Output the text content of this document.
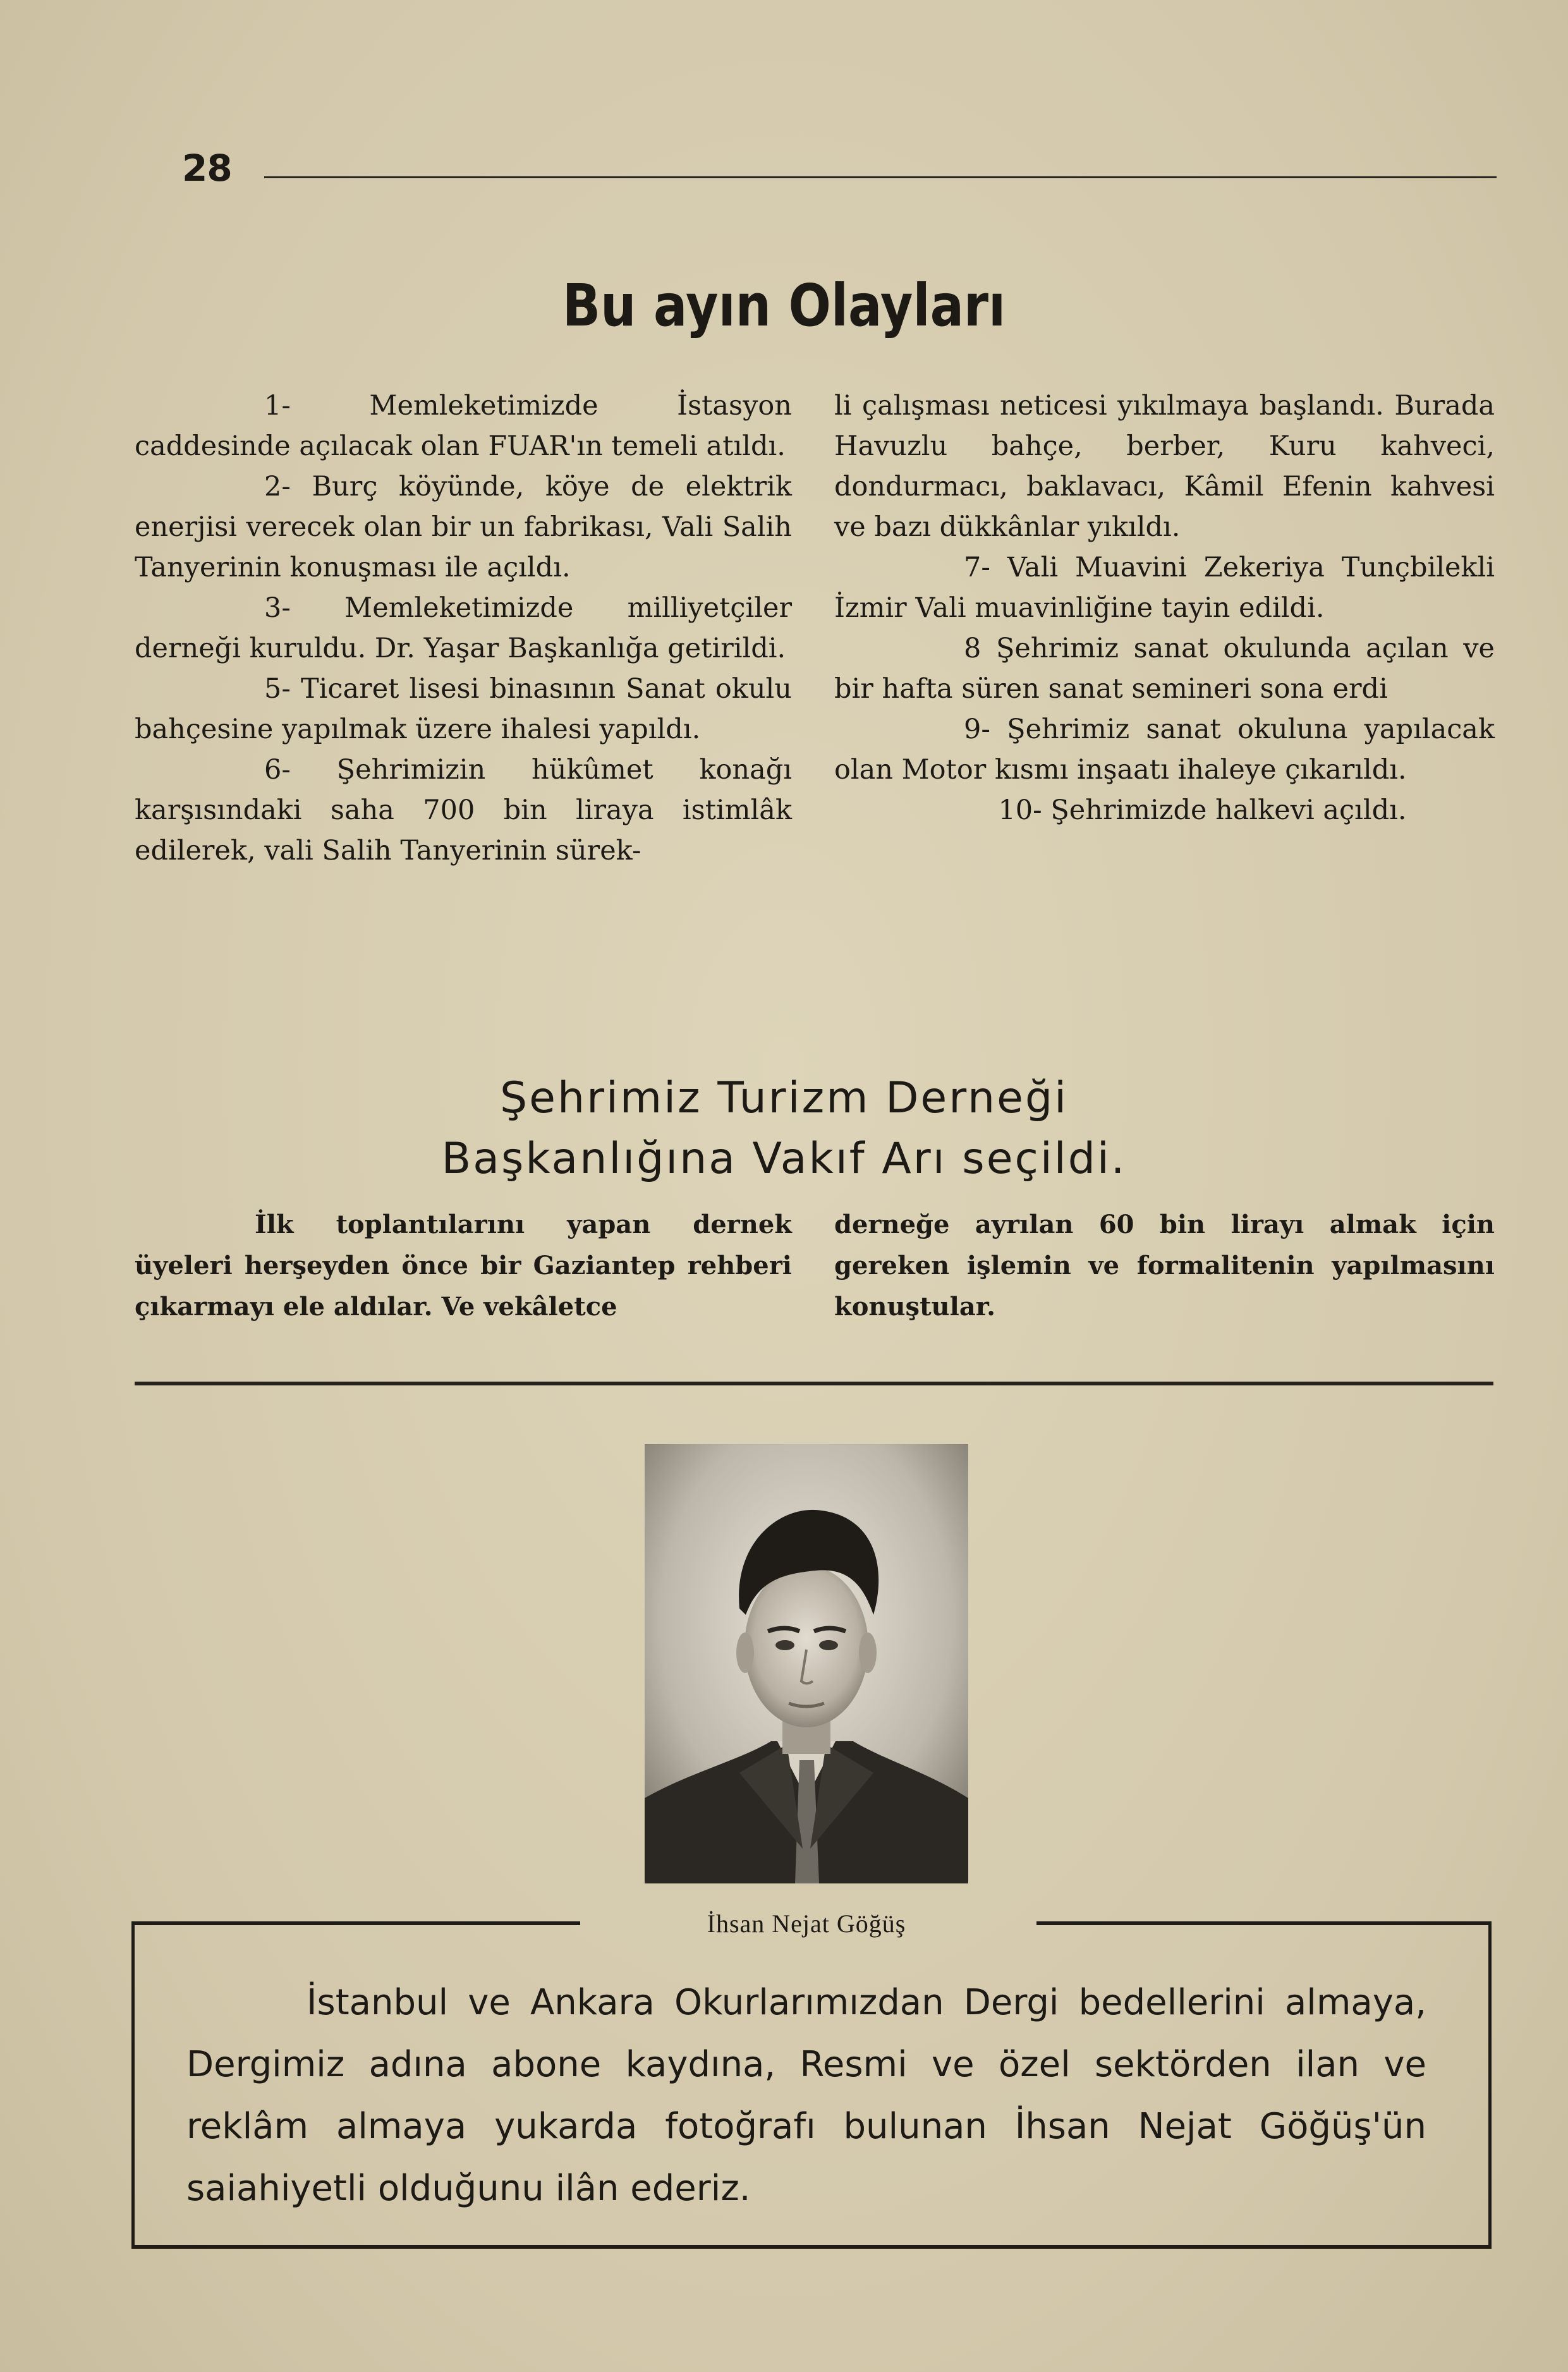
28
Bu ayın Olayları

1- Memleketimizde İstasyon caddesinde açılacak olan FUAR'ın temeli atıldı.

2- Burç köyünde, köye de elektrik enerjisi verecek olan bir un fabrikası, Vali Salih Tanyerinin konuşması ile açıldı.

3- Memleketimizde milliyetçiler derneği kuruldu. Dr. Yaşar Başkanlığa getirildi.

5- Ticaret lisesi binasının Sanat okulu bahçesine yapılmak üzere ihalesi yapıldı.

6- Şehrimizin hükûmet konağı karşısındaki saha 700 bin liraya istimlâk edilerek, vali Salih Tanyerinin sürek-

li çalışması neticesi yıkılmaya başlandı. Burada Havuzlu bahçe, berber, Kuru kahveci, dondurmacı, baklavacı, Kâmil Efenin kahvesi ve bazı dükkânlar yıkıldı.

7- Vali Muavini Zekeriya Tunçbilekli İzmir Vali muavinliğine tayin edildi.

8 Şehrimiz sanat okulunda açılan ve bir hafta süren sanat semineri sona erdi

9- Şehrimiz sanat okuluna yapılacak olan Motor kısmı inşaatı ihaleye çıkarıldı.

10- Şehrimizde halkevi açıldı.

Şehrimiz Turizm Derneği
Başkanlığına Vakıf Arı seçildi.
İlk toplantılarını yapan dernek üyeleri herşeyden önce bir Gaziantep rehberi çıkarmayı ele aldılar. Ve vekâletce
derneğe ayrılan 60 bin lirayı almak için gereken işlemin ve formalitenin yapılmasını konuştular.
İhsan Nejat Göğüş
İstanbul ve Ankara Okurlarımızdan Dergi bedellerini almaya, Dergimiz adına abone kaydına, Resmi ve özel sektörden ilan ve reklâm almaya yukarda fotoğrafı bulunan İhsan Nejat Göğüş'ün saiahiyetli olduğunu ilân ederiz.
